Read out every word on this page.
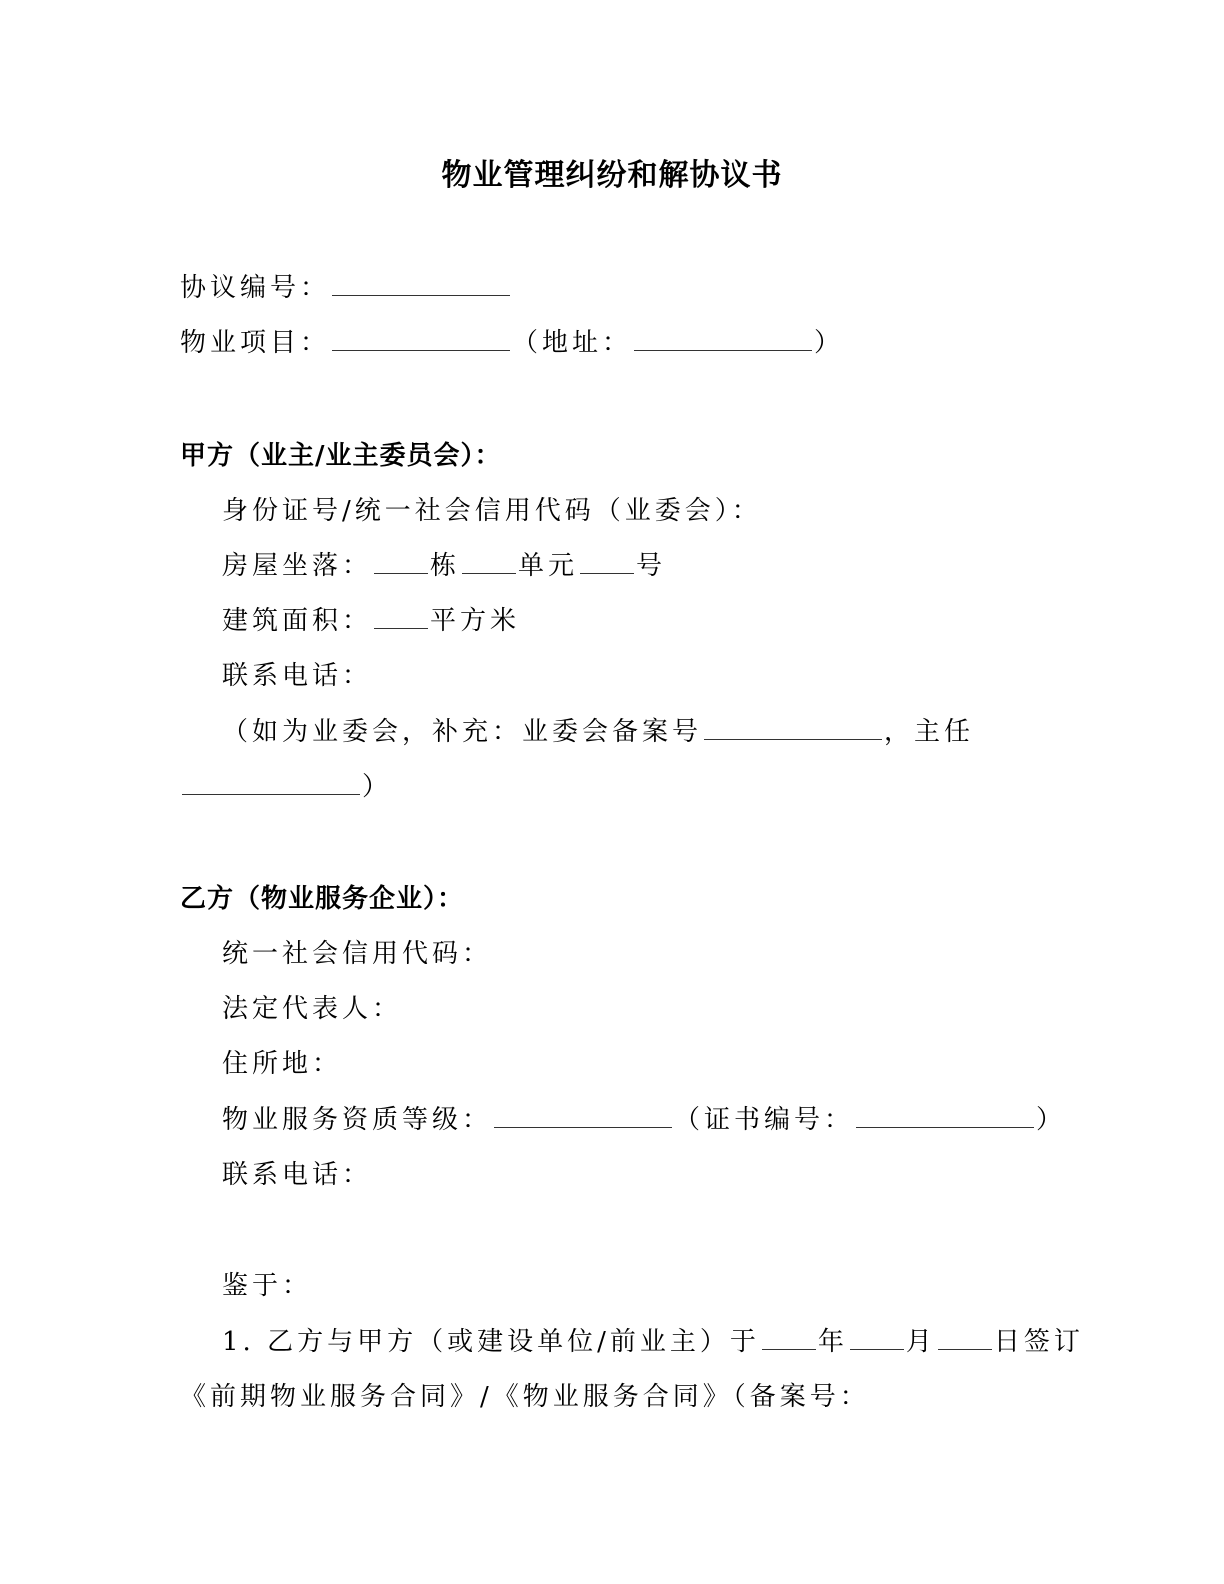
物业管理纠纷和解协议书
协议编号：
物业项目：	（地址：	）
甲方（业主/业主委员会）：
身份证号/统一社会信用代码（业委会）：
房屋坐落： 栋 单元 号
建筑面积： 平方米
联系电话：
（如为业委会，补充：业委会备案号	，主任
）
乙方（物业服务企业）：
统一社会信用代码：
法定代表人：
住所地：
物业服务资质等级：	（证书编号：	）
联系电话：
鉴于：
1. 乙方与甲方（或建设单位/前业主）于 年 月 日签订
《前期物业服务合同》/《物业服务合同》（备案号：
